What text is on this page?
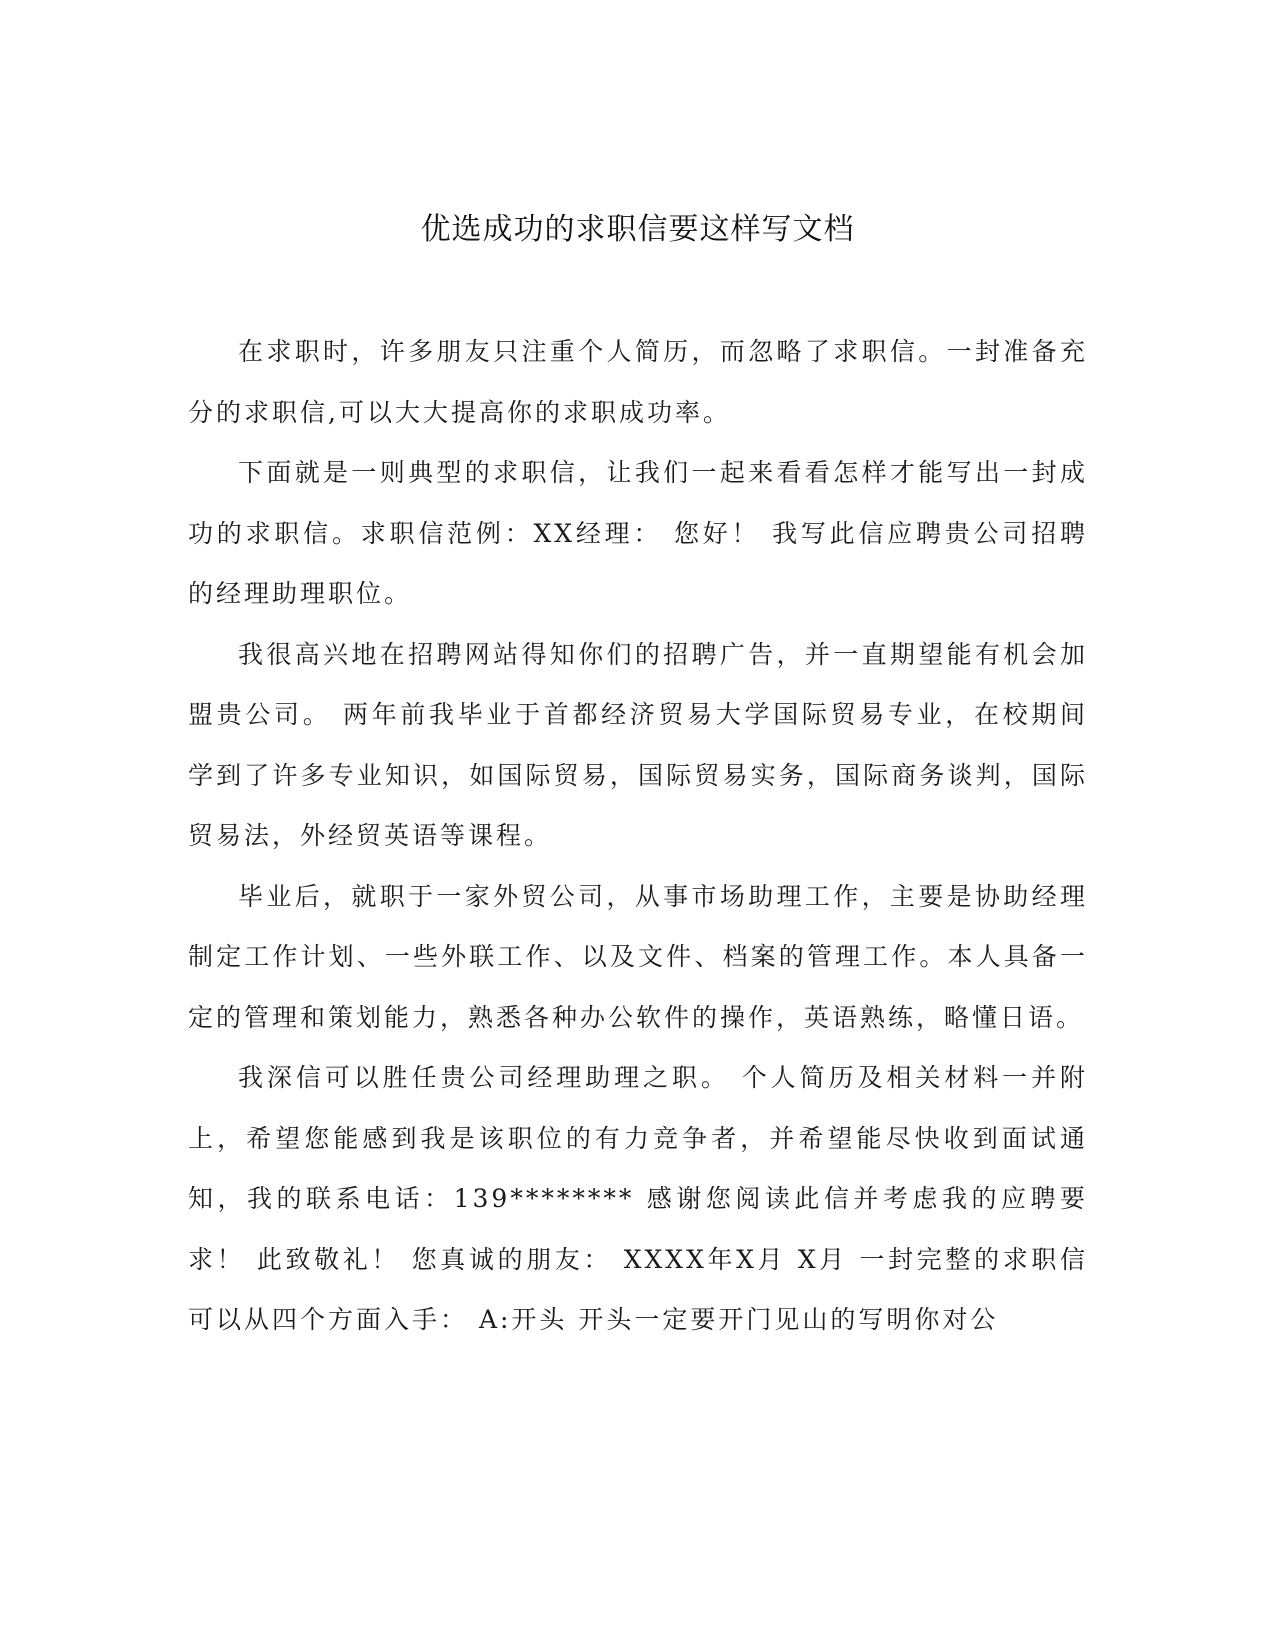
优选成功的求职信要这样写文档

在求职时，许多朋友只注重个人简历，而忽略了求职信。一封准备充分的求职信,可以大大提高你的求职成功率。

下面就是一则典型的求职信，让我们一起来看看怎样才能写出一封成功的求职信。求职信范例：XX经理： 您好！ 我写此信应聘贵公司招聘的经理助理职位。

我很高兴地在招聘网站得知你们的招聘广告，并一直期望能有机会加盟贵公司。 两年前我毕业于首都经济贸易大学国际贸易专业，在校期间学到了许多专业知识，如国际贸易，国际贸易实务，国际商务谈判，国际贸易法，外经贸英语等课程。

毕业后，就职于一家外贸公司，从事市场助理工作，主要是协助经理制定工作计划、一些外联工作、以及文件、档案的管理工作。本人具备一定的管理和策划能力，熟悉各种办公软件的操作，英语熟练，略懂日语。

我深信可以胜任贵公司经理助理之职。 个人简历及相关材料一并附上，希望您能感到我是该职位的有力竞争者，并希望能尽快收到面试通知，我的联系电话：139******** 感谢您阅读此信并考虑我的应聘要求！ 此致敬礼！ 您真诚的朋友： XXXX年X月 X月 一封完整的求职信可以从四个方面入手： A:开头 开头一定要开门见山的写明你对公
